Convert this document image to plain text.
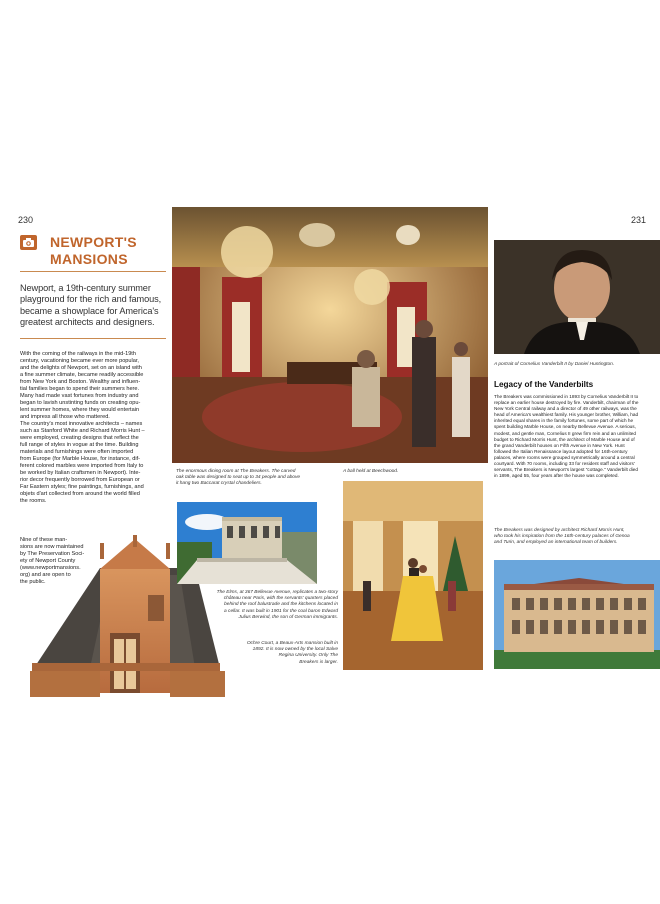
230	231
NEWPORT'S
MANSIONS
Newport, a 19th-century summer playground for the rich and famous, became a showplace for America's greatest architects and designers.
With the coming of the railways in the mid-19th
century, vacationing became ever more popular,
and the delights of Newport, set on an island with
a fine summer climate, became readily accessible
from New York and Boston. Wealthy and influen-
tial families began to spend their summers here.
Many had made vast fortunes from industry and
began to lavish unstinting funds on creating opu-
lent summer homes, where they would entertain
and impress all those who mattered.
The country's most innovative architects – names
such as Stanford White and Richard Morris Hunt –
were employed, creating designs that reflect the
full range of styles in vogue at the time. Building
materials and furnishings were often imported
from Europe (for Marble House, for instance, dif-
ferent colored marbles were imported from Italy to
be worked by Italian craftsmen in Newport). Inte-
rior decor frequently borrowed from European or
Far Eastern styles; fine paintings, furnishings, and
objets d'art collected from around the world filled
the rooms.
Nine of these man-
sions are now maintained
by The Preservation Soci-
ety of Newport County
(www.newportmansions.
org) and are open to
the public.
The enormous dining room at The Breakers. The carved
oak table was designed to seat up to 34 people and above
it hang two Baccarat crystal chandeliers.
A ball held at Beechwood.
The Elms, at 367 Bellevue Avenue, replicates a two-story
château near Paris, with the servants' quarters placed
behind the roof balustrade and the kitchens located in
a cellar. It was built in 1901 for the coal baron Edward
Julius Berwind, the son of German immigrants.
Ochre Court, a Beaux-Arts mansion built in
1892. It is now owned by the local Salve
Regina University. Only The
Breakers is larger.
A portrait of Cornelius Vanderbilt II by Daniel Huntington.
Legacy of the Vanderbilts
The Breakers was commissioned in 1893 by Cornelius Vanderbilt II to
replace an earlier house destroyed by fire. Vanderbilt, chairman of the
New York Central railway and a director of 49 other railways, was the
head of America's wealthiest family. His younger brother, William, had
inherited equal shares in the family fortunes, some part of which he
spent building Marble House, on nearby Bellevue Avenue. A serious,
modest, and gentle man, Cornelius II grew firm rein and an unlimited
budget to Richard Morris Hunt, the architect of Marble House and of
the grand Vanderbilt houses on Fifth Avenue in New York. Hunt
followed the Italian Renaissance layout adopted for 16th-century
palaces, where rooms were grouped symmetrically around a central
courtyard. With 70 rooms, including 33 for resident staff and visitors'
servants, The Breakers is Newport's largest "cottage." Vanderbilt died
in 1899, aged 55, four years after the house was completed.
The Breakers was designed by architect Richard Morris Hunt,
who took his inspiration from the 16th-century palaces of Genoa
and Turin, and employed an international team of builders.
